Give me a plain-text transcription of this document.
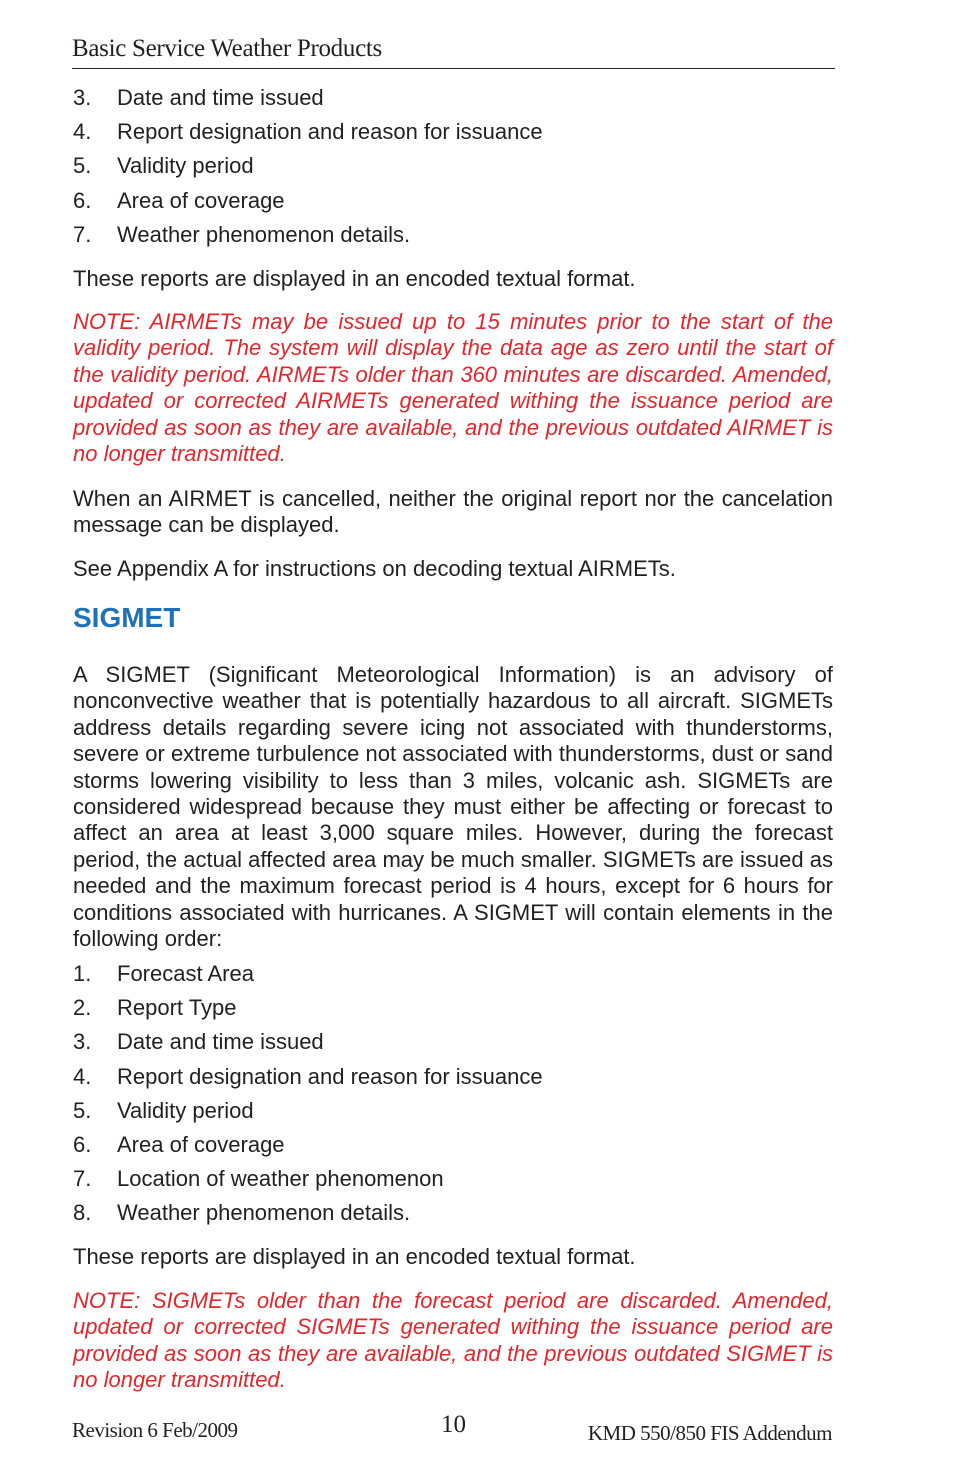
Basic Service Weather Products
3. Date and time issued
4. Report designation and reason for issuance
5. Validity period
6. Area of coverage
7. Weather phenomenon details.

These reports are displayed in an encoded textual format.

NOTE: AIRMETs may be issued up to 15 minutes prior to the start of the validity period. The system will display the data age as zero until the start of the validity period. AIRMETs older than 360 minutes are discarded. Amended, updated or corrected AIRMETs generated withing the issuance period are provided as soon as they are available, and the previous outdated AIRMET is no longer transmitted.

When an AIRMET is cancelled, neither the original report nor the cancelation message can be displayed.

See Appendix A for instructions on decoding textual AIRMETs.

SIGMET

A SIGMET (Significant Meteorological Information) is an advisory of nonconvective weather that is potentially hazardous to all aircraft. SIGMETs address details regarding severe icing not associated with thunderstorms, severe or extreme turbulence not associated with thunderstorms, dust or sand storms lowering visibility to less than 3 miles, volcanic ash. SIGMETs are considered widespread because they must either be affecting or forecast to affect an area at least 3,000 square miles. However, during the forecast period, the actual affected area may be much smaller. SIGMETs are issued as needed and the maximum forecast period is 4 hours, except for 6 hours for conditions associated with hurricanes. A SIGMET will contain elements in the following order:

1. Forecast Area
2. Report Type
3. Date and time issued
4. Report designation and reason for issuance
5. Validity period
6. Area of coverage
7. Location of weather phenomenon
8. Weather phenomenon details.

These reports are displayed in an encoded textual format.

NOTE: SIGMETs older than the forecast period are discarded. Amended, updated or corrected SIGMETs generated withing the issuance period are provided as soon as they are available, and the previous outdated SIGMET is no longer transmitted.

Revision 6 Feb/2009	10	KMD 550/850 FIS Addendum
